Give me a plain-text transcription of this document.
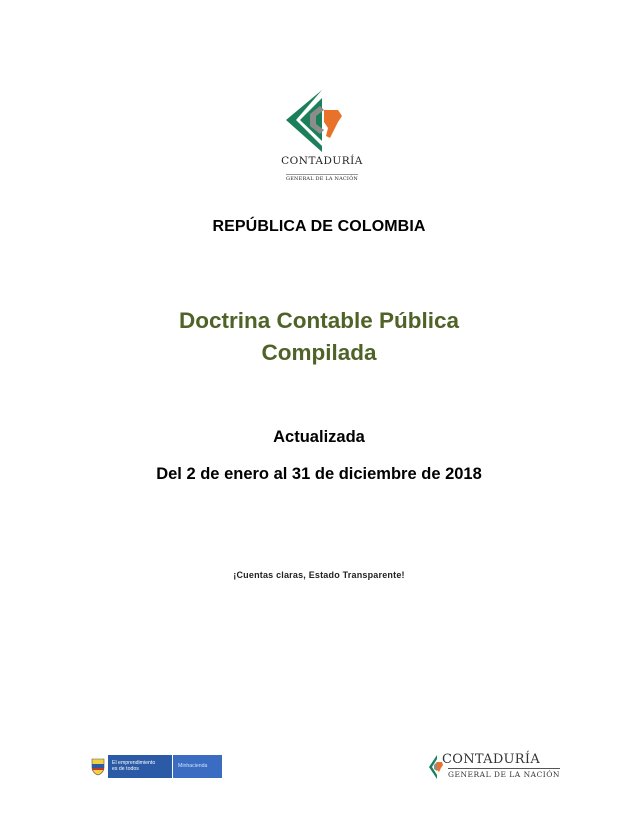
CONTADURÍA
GENERAL DE LA NACIÓN
REPÚBLICA DE COLOMBIA
Doctrina Contable Pública
Compilada
Actualizada
Del 2 de enero al 31 de diciembre de 2018
¡Cuentas claras, Estado Transparente!
El emprendimiento
es de todos	Minhacienda	CONTADURÍA
GENERAL DE LA NACIÓN
